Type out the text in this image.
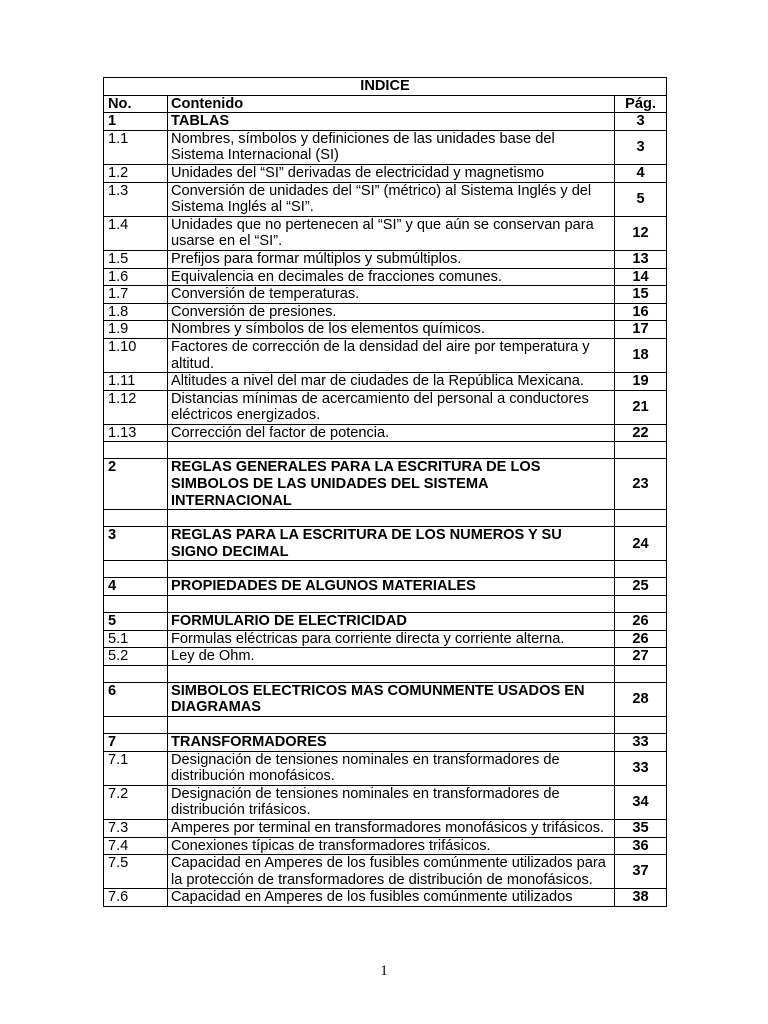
INDICE		
No.	Contenido	Pág.
1	TABLAS	3
1.1	Nombres, símbolos y definiciones de las unidades base del Sistema Internacional (SI)	3
1.2	Unidades del “SI” derivadas de electricidad y magnetismo	4
1.3	Conversión de unidades del “SI” (métrico) al Sistema Inglés y del Sistema Inglés al “SI”.	5
1.4	Unidades que no pertenecen al “SI” y que aún se conservan para usarse en el “SI”.	12
1.5	Prefijos para formar múltiplos y submúltiplos.	13
1.6	Equivalencia en decimales de fracciones comunes.	14
1.7	Conversión de temperaturas.	15
1.8	Conversión de presiones.	16
1.9	Nombres y símbolos de los elementos químicos.	17
1.10	Factores de corrección de la densidad del aire por temperatura y altitud.	18
1.11	Altitudes a nivel del mar de ciudades de la República Mexicana.	19
1.12	Distancias mínimas de acercamiento del personal a conductores eléctricos energizados.	21
1.13	Corrección del factor de potencia.	22

2	REGLAS GENERALES PARA LA ESCRITURA DE LOS SIMBOLOS DE LAS UNIDADES DEL SISTEMA INTERNACIONAL	23

3	REGLAS PARA LA ESCRITURA DE LOS NUMEROS Y SU SIGNO DECIMAL	24

4	PROPIEDADES DE ALGUNOS MATERIALES	25

5	FORMULARIO DE ELECTRICIDAD	26
5.1	Formulas eléctricas para corriente directa y corriente alterna.	26
5.2	Ley de Ohm.	27

6	SIMBOLOS ELECTRICOS MAS COMUNMENTE USADOS EN DIAGRAMAS	28

7	TRANSFORMADORES	33
7.1	Designación de tensiones nominales en transformadores de distribución monofásicos.	33
7.2	Designación de tensiones nominales en transformadores de distribución trifásicos.	34
7.3	Amperes por terminal en transformadores monofásicos y trifásicos.	35
7.4	Conexiones típicas de transformadores trifásicos.	36
7.5	Capacidad en Amperes de los fusibles comúnmente utilizados para la protección de transformadores de distribución de monofásicos.	37
7.6	Capacidad en Amperes de los fusibles comúnmente utilizados	38
1
